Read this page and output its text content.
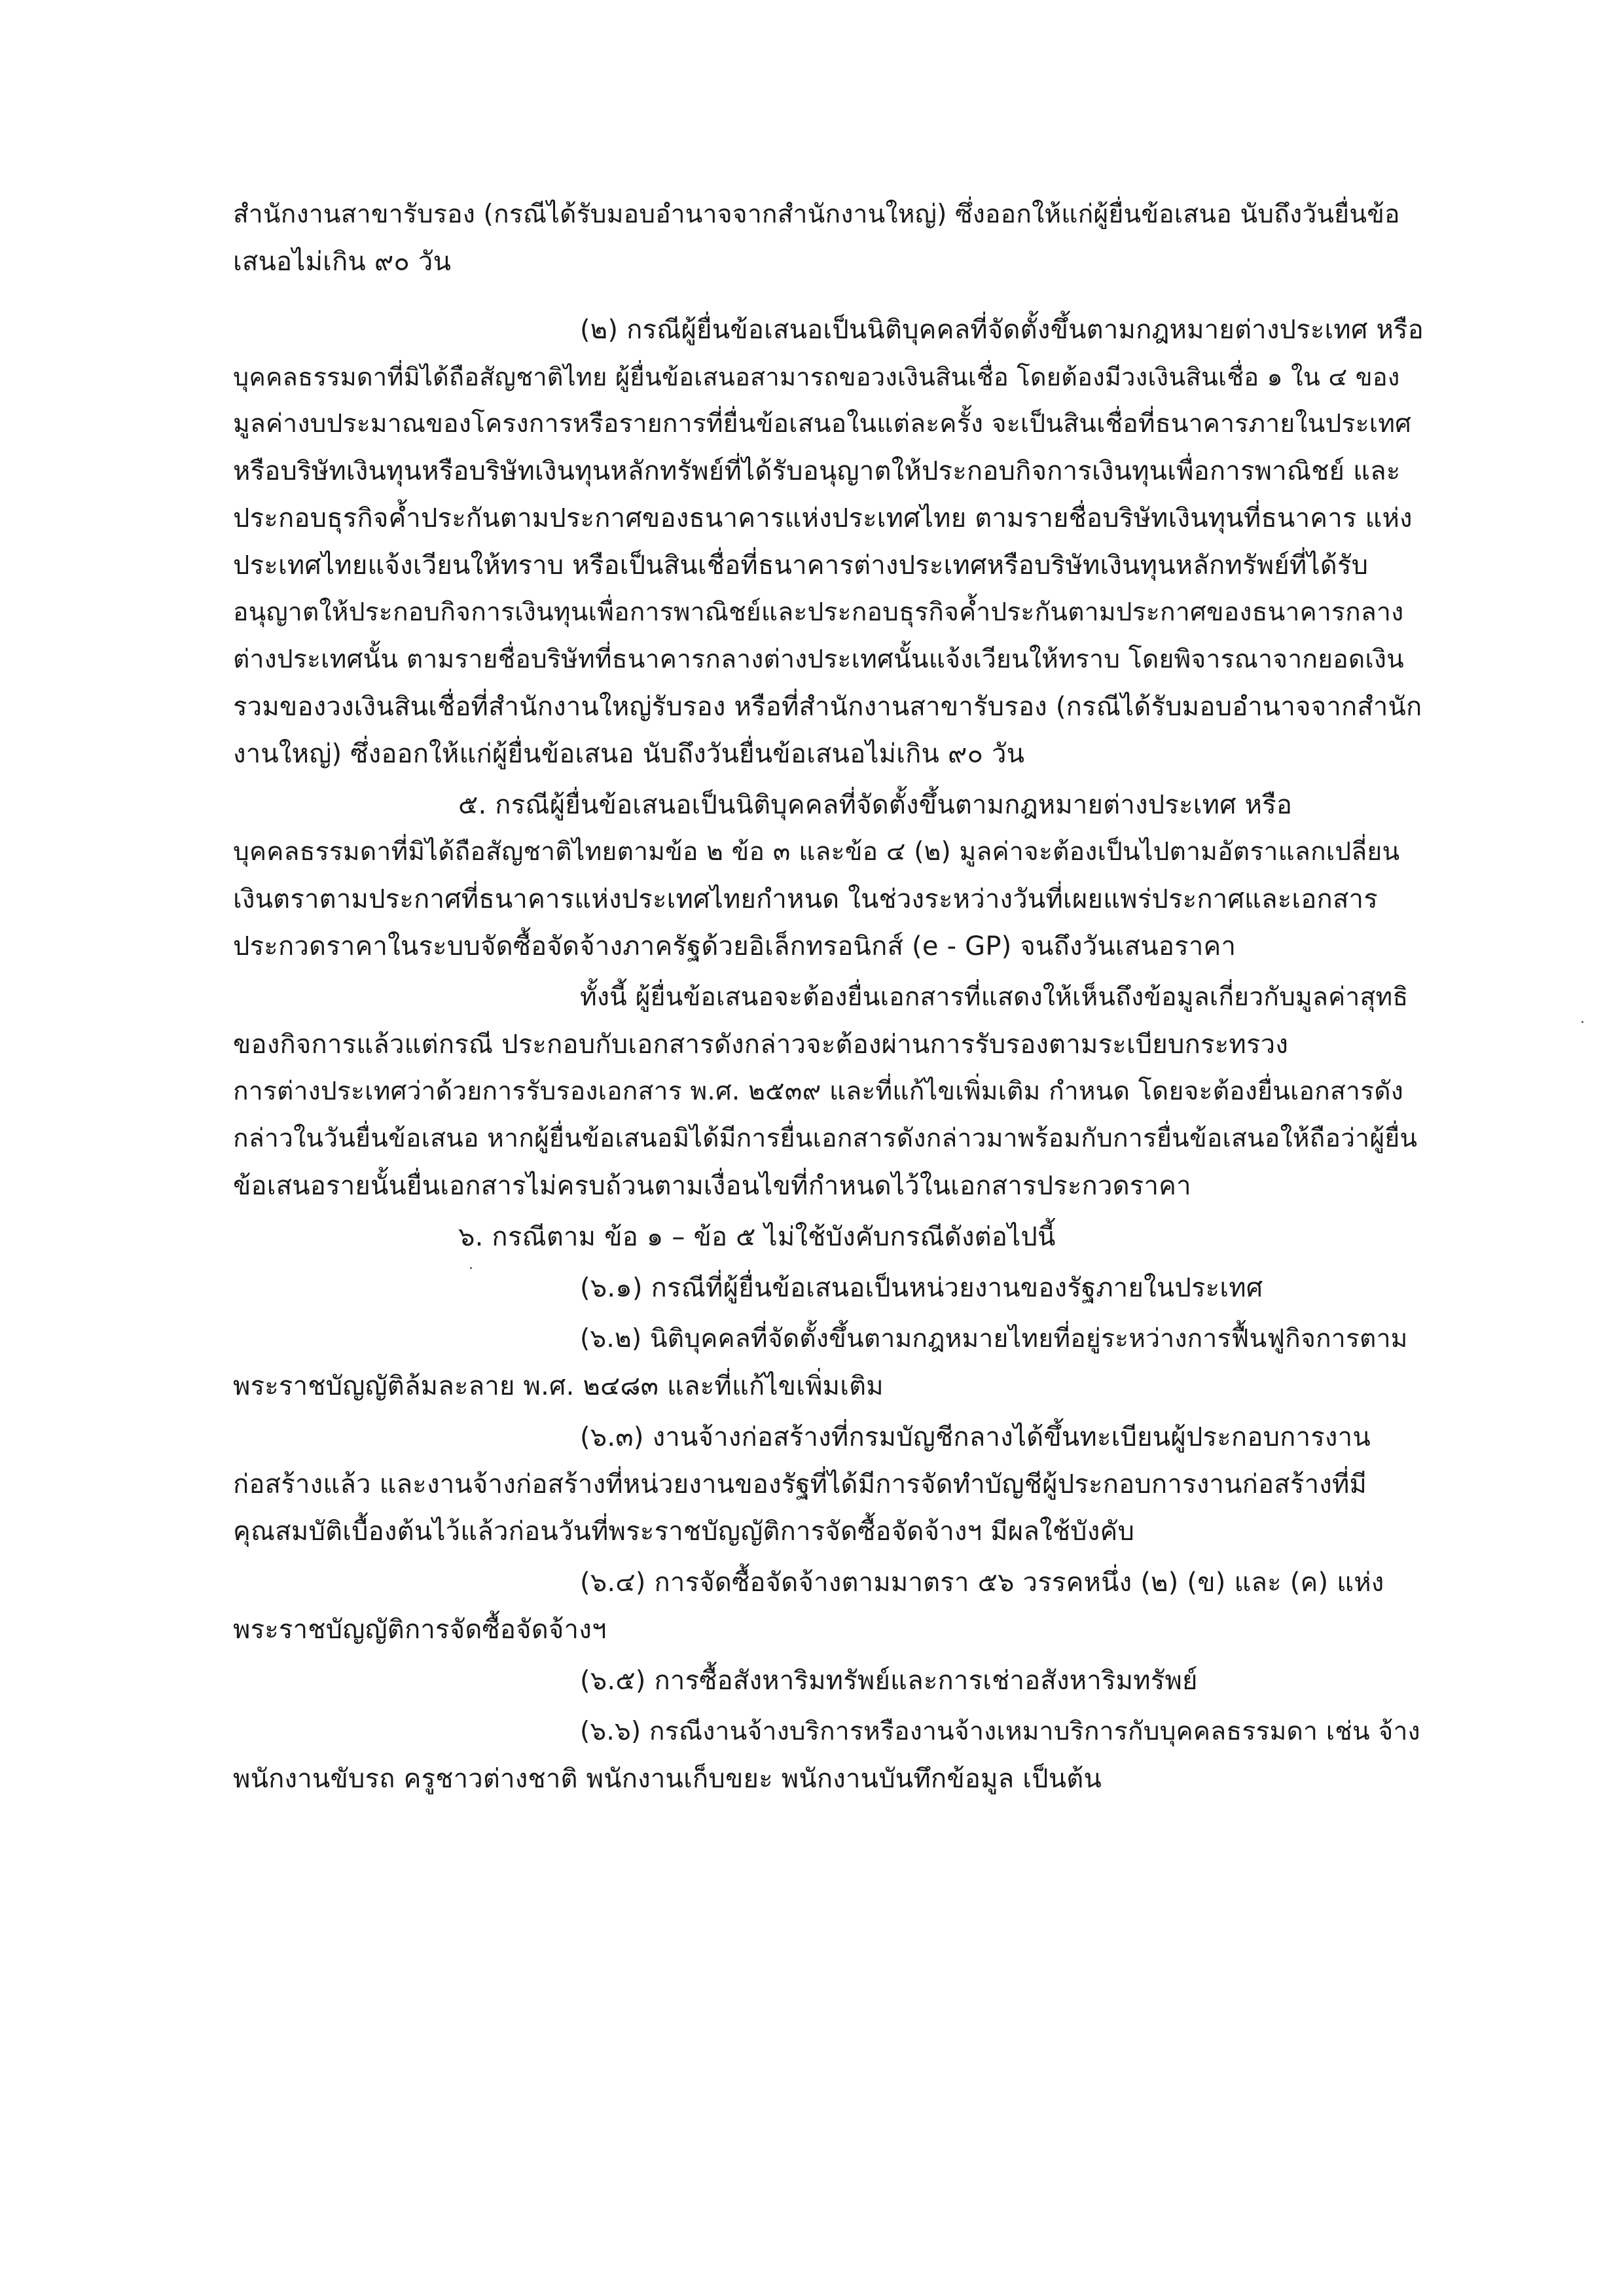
สำนักงานสาขารับรอง (กรณีได้รับมอบอำนาจจากสำนักงานใหญ่) ซึ่งออกให้แก่ผู้ยื่นข้อเสนอ นับถึงวันยื่นข้อ
เสนอไม่เกิน ๙๐ วัน
(๒) กรณีผู้ยื่นข้อเสนอเป็นนิติบุคคลที่จัดตั้งขึ้นตามกฎหมายต่างประเทศ หรือ
บุคคลธรรมดาที่มิได้ถือสัญชาติไทย ผู้ยื่นข้อเสนอสามารถขอวงเงินสินเชื่อ โดยต้องมีวงเงินสินเชื่อ ๑ ใน ๔ ของ
มูลค่างบประมาณของโครงการหรือรายการที่ยื่นข้อเสนอในแต่ละครั้ง จะเป็นสินเชื่อที่ธนาคารภายในประเทศ
หรือบริษัทเงินทุนหรือบริษัทเงินทุนหลักทรัพย์ที่ได้รับอนุญาตให้ประกอบกิจการเงินทุนเพื่อการพาณิชย์ และ
ประกอบธุรกิจค้ำประกันตามประกาศของธนาคารแห่งประเทศไทย ตามรายชื่อบริษัทเงินทุนที่ธนาคาร แห่ง
ประเทศไทยแจ้งเวียนให้ทราบ หรือเป็นสินเชื่อที่ธนาคารต่างประเทศหรือบริษัทเงินทุนหลักทรัพย์ที่ได้รับ
อนุญาตให้ประกอบกิจการเงินทุนเพื่อการพาณิชย์และประกอบธุรกิจค้ำประกันตามประกาศของธนาคารกลาง
ต่างประเทศนั้น ตามรายชื่อบริษัทที่ธนาคารกลางต่างประเทศนั้นแจ้งเวียนให้ทราบ โดยพิจารณาจากยอดเงิน
รวมของวงเงินสินเชื่อที่สำนักงานใหญ่รับรอง หรือที่สำนักงานสาขารับรอง (กรณีได้รับมอบอำนาจจากสำนัก
งานใหญ่) ซึ่งออกให้แก่ผู้ยื่นข้อเสนอ นับถึงวันยื่นข้อเสนอไม่เกิน ๙๐ วัน
๕. กรณีผู้ยื่นข้อเสนอเป็นนิติบุคคลที่จัดตั้งขึ้นตามกฎหมายต่างประเทศ หรือ
บุคคลธรรมดาที่มิได้ถือสัญชาติไทยตามข้อ ๒ ข้อ ๓ และข้อ ๔ (๒) มูลค่าจะต้องเป็นไปตามอัตราแลกเปลี่ยน
เงินตราตามประกาศที่ธนาคารแห่งประเทศไทยกำหนด ในช่วงระหว่างวันที่เผยแพร่ประกาศและเอกสาร
ประกวดราคาในระบบจัดซื้อจัดจ้างภาครัฐด้วยอิเล็กทรอนิกส์ (e - GP) จนถึงวันเสนอราคา
ทั้งนี้ ผู้ยื่นข้อเสนอจะต้องยื่นเอกสารที่แสดงให้เห็นถึงข้อมูลเกี่ยวกับมูลค่าสุทธิ
ของกิจการแล้วแต่กรณี ประกอบกับเอกสารดังกล่าวจะต้องผ่านการรับรองตามระเบียบกระทรวง
การต่างประเทศว่าด้วยการรับรองเอกสาร พ.ศ. ๒๕๓๙ และที่แก้ไขเพิ่มเติม กำหนด โดยจะต้องยื่นเอกสารดัง
กล่าวในวันยื่นข้อเสนอ หากผู้ยื่นข้อเสนอมิได้มีการยื่นเอกสารดังกล่าวมาพร้อมกับการยื่นข้อเสนอให้ถือว่าผู้ยื่น
ข้อเสนอรายนั้นยื่นเอกสารไม่ครบถ้วนตามเงื่อนไขที่กำหนดไว้ในเอกสารประกวดราคา
๖. กรณีตาม ข้อ ๑ – ข้อ ๕ ไม่ใช้บังคับกรณีดังต่อไปนี้
(๖.๑) กรณีที่ผู้ยื่นข้อเสนอเป็นหน่วยงานของรัฐภายในประเทศ
(๖.๒) นิติบุคคลที่จัดตั้งขึ้นตามกฎหมายไทยที่อยู่ระหว่างการฟื้นฟูกิจการตาม
พระราชบัญญัติล้มละลาย พ.ศ. ๒๔๘๓ และที่แก้ไขเพิ่มเติม
(๖.๓) งานจ้างก่อสร้างที่กรมบัญชีกลางได้ขึ้นทะเบียนผู้ประกอบการงาน
ก่อสร้างแล้ว และงานจ้างก่อสร้างที่หน่วยงานของรัฐที่ได้มีการจัดทำบัญชีผู้ประกอบการงานก่อสร้างที่มี
คุณสมบัติเบื้องต้นไว้แล้วก่อนวันที่พระราชบัญญัติการจัดซื้อจัดจ้างฯ มีผลใช้บังคับ
(๖.๔) การจัดซื้อจัดจ้างตามมาตรา ๕๖ วรรคหนึ่ง (๒) (ข) และ (ค) แห่ง
พระราชบัญญัติการจัดซื้อจัดจ้างฯ
(๖.๕) การซื้อสังหาริมทรัพย์และการเช่าอสังหาริมทรัพย์
(๖.๖) กรณีงานจ้างบริการหรืองานจ้างเหมาบริการกับบุคคลธรรมดา เช่น จ้าง
พนักงานขับรถ ครูชาวต่างชาติ พนักงานเก็บขยะ พนักงานบันทึกข้อมูล เป็นต้น
